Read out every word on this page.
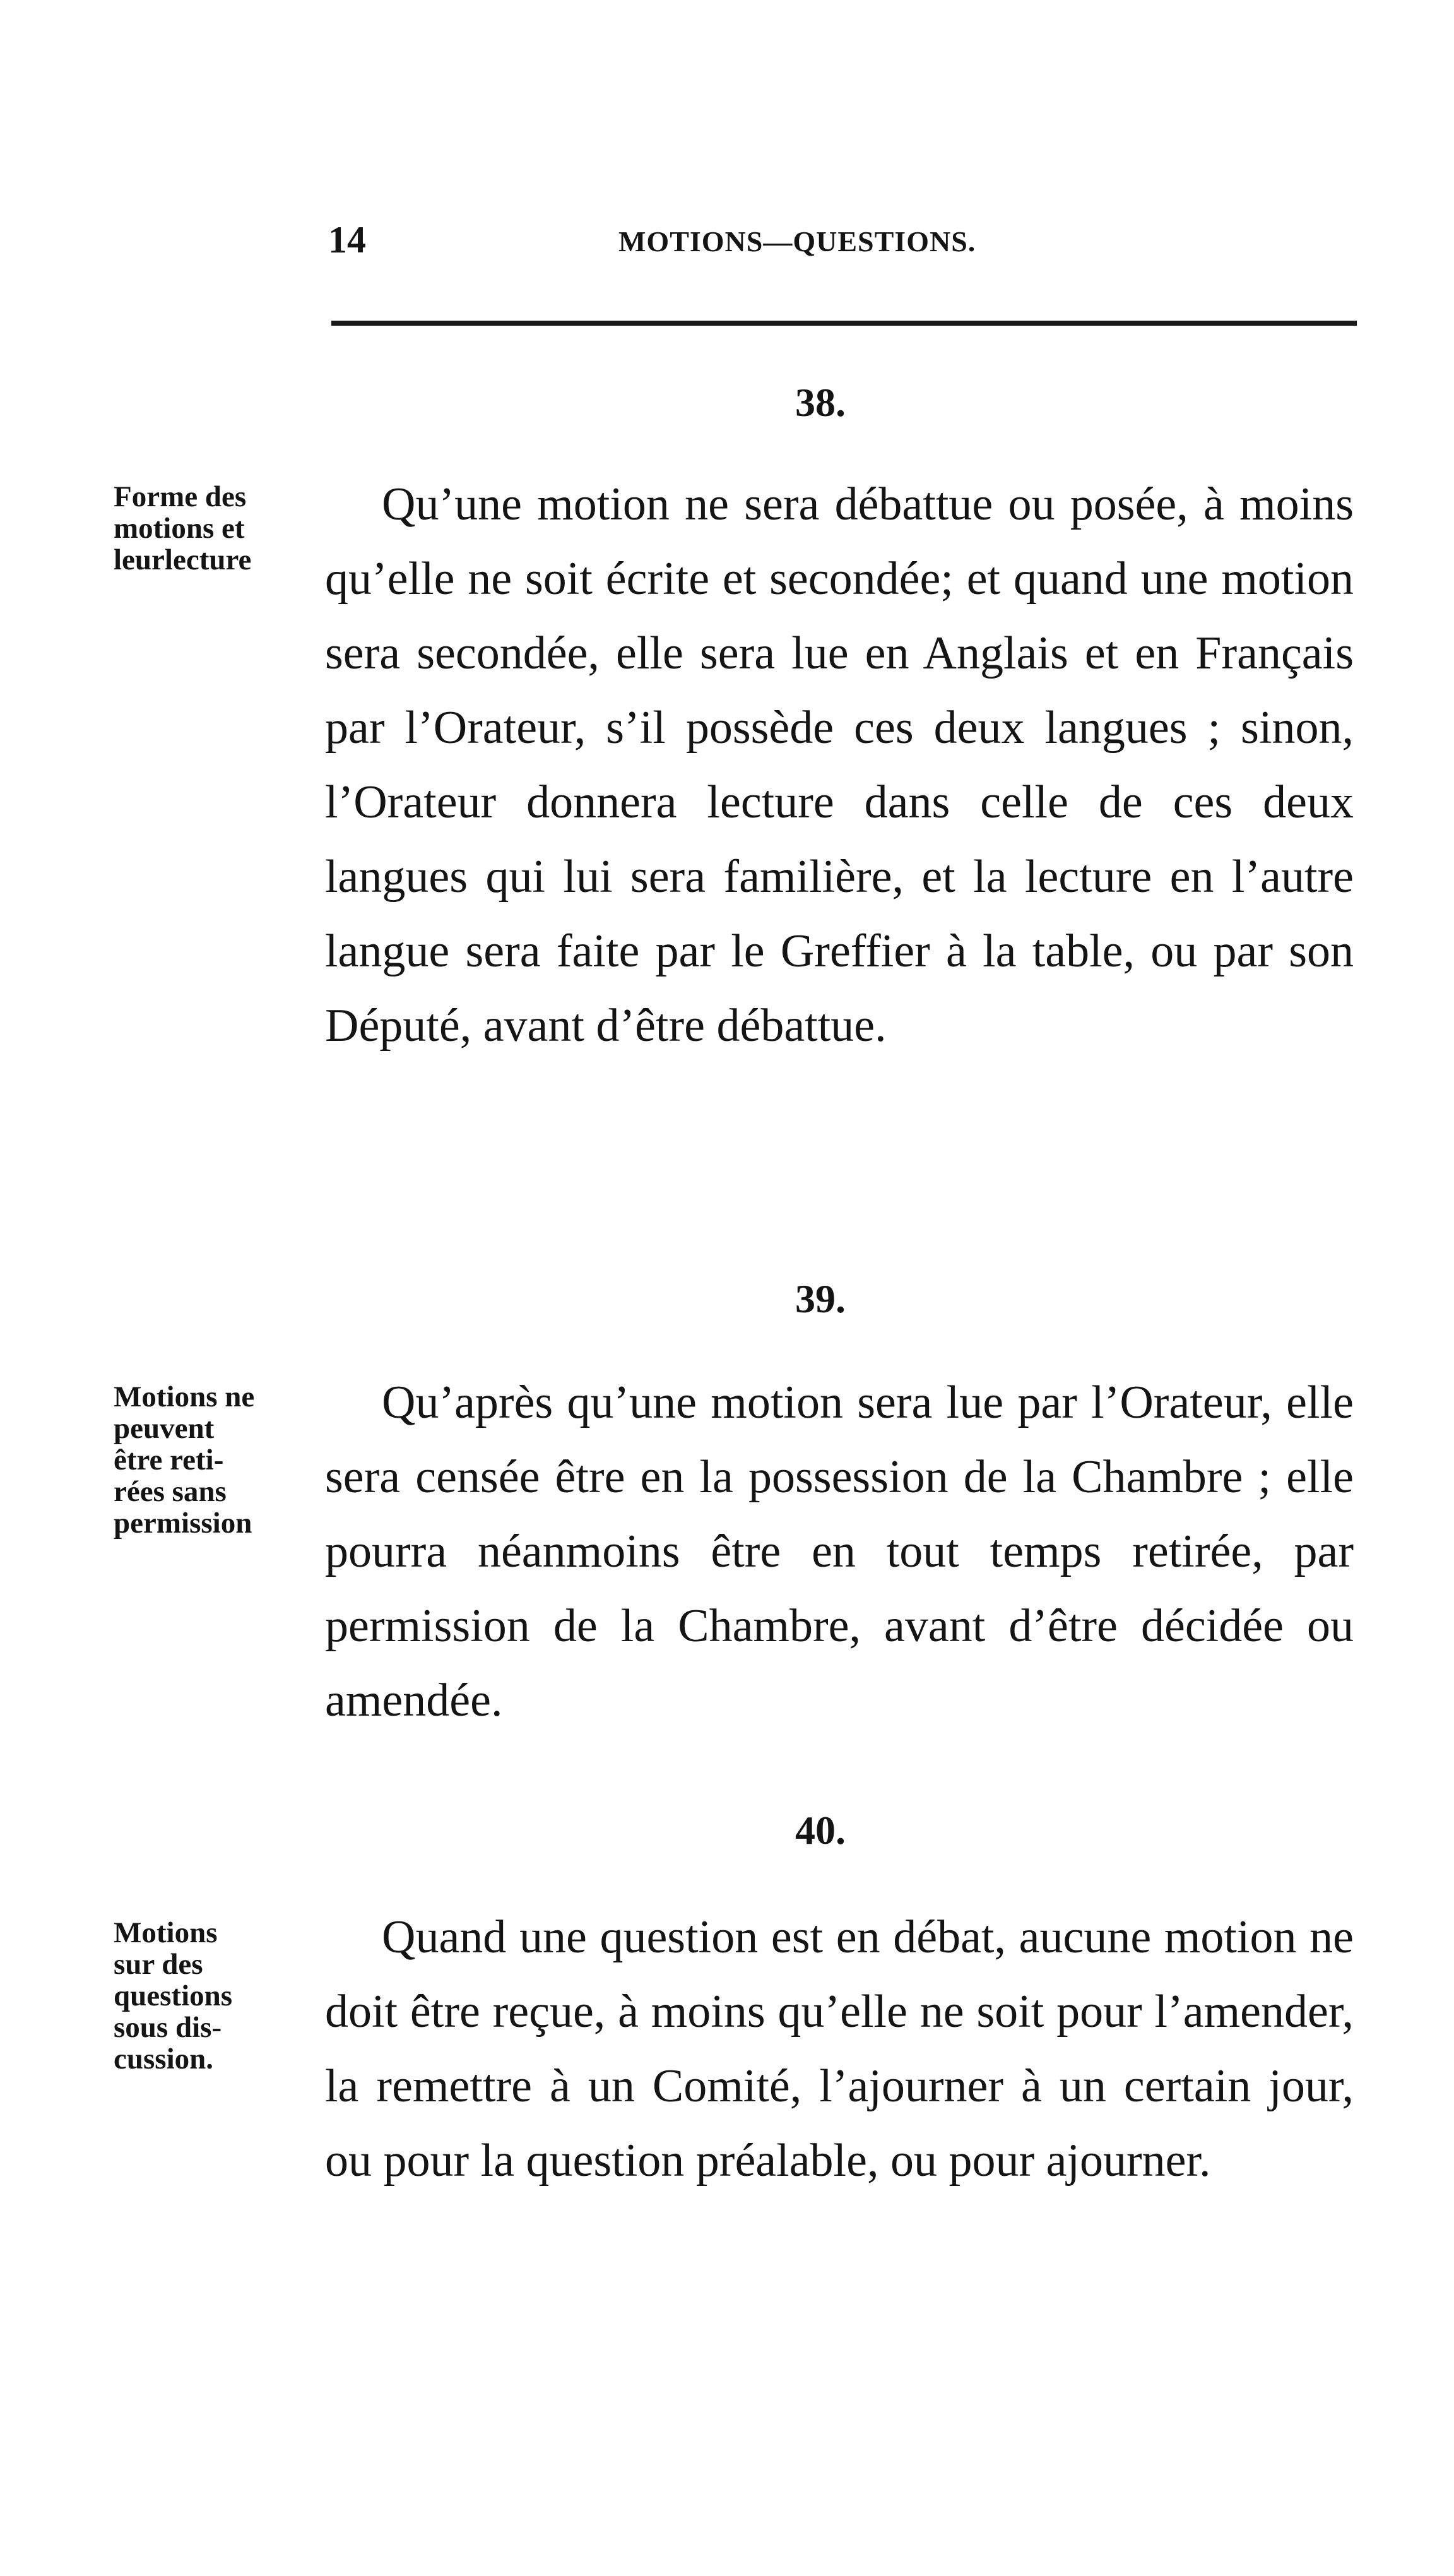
14	MOTIONS—QUESTIONS.
38.
Forme des
motions et
leurlecture

Qu’une motion ne sera débattue ou posée, à moins qu’elle ne soit écrite et secondée; et quand une motion sera secondée, elle sera lue en Anglais et en Français par l’Orateur, s’il possède ces deux langues ; sinon, l’Orateur donnera lecture dans celle de ces deux langues qui lui sera familière, et la lecture en l’autre langue sera faite par le Greffier à la table, ou par son Député, avant d’être débattue.

39.
Motions ne
peuvent
être reti-
rées sans
permission

Qu’après qu’une motion sera lue par l’Orateur, elle sera censée être en la possession de la Chambre ; elle pourra néanmoins être en tout temps retirée, par permission de la Chambre, avant d’être décidée ou amendée.

40.
Motions
sur des
questions
sous dis-
cussion.

Quand une question est en débat, aucune motion ne doit être reçue, à moins qu’elle ne soit pour l’amender, la remettre à un Comité, l’ajourner à un certain jour, ou pour la question préalable, ou pour ajourner.
